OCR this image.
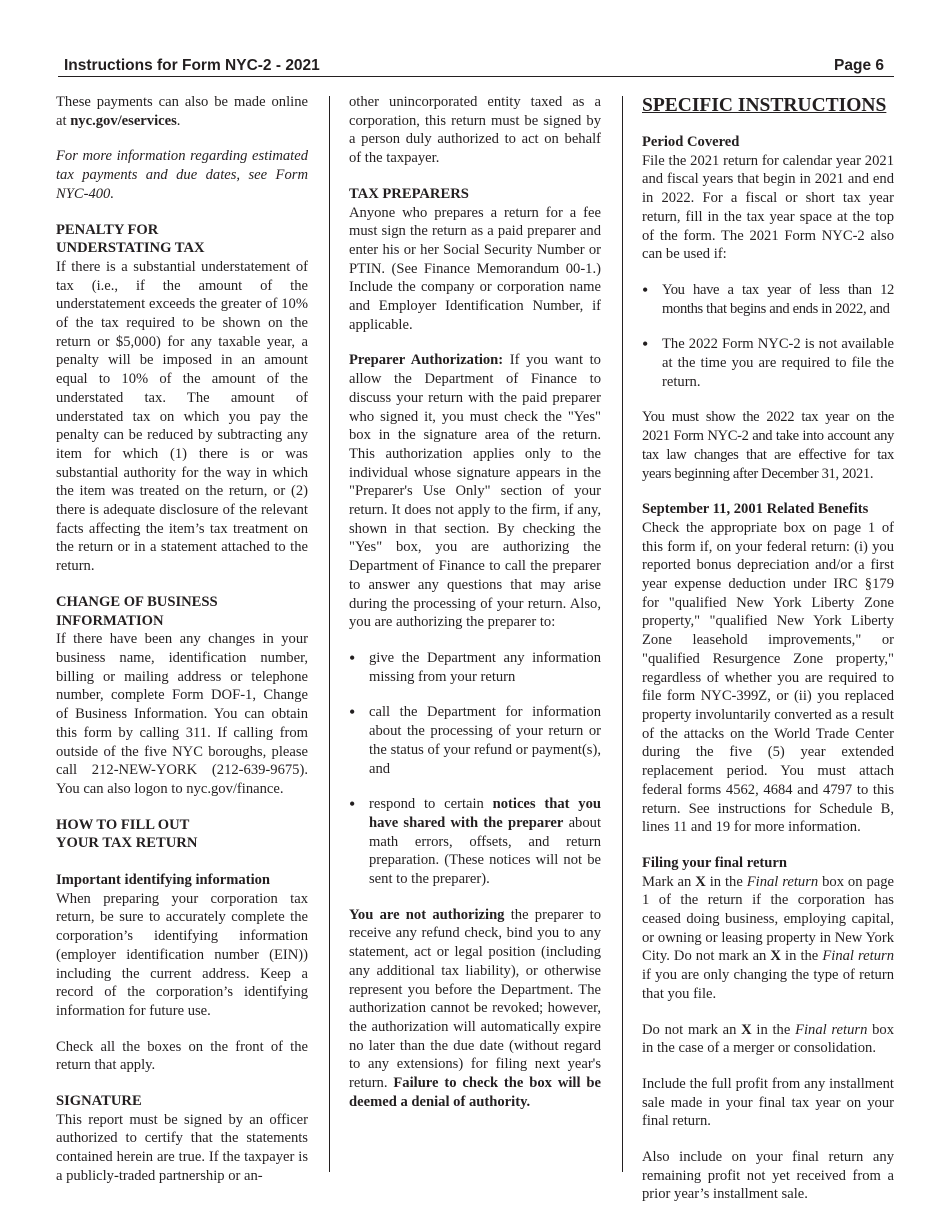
Instructions for Form NYC-2 - 2021	Page 6

These payments can also be made online at nyc.gov/eservices.

For more information regarding estimated tax payments and due dates, see Form NYC-400.

PENALTY FOR
UNDERSTATING TAX

If there is a substantial understatement of tax (i.e., if the amount of the understatement exceeds the greater of 10% of the tax required to be shown on the return or $5,000) for any taxable year, a penalty will be imposed in an amount equal to 10% of the amount of the understated tax. The amount of understated tax on which you pay the penalty can be reduced by subtracting any item for which (1) there is or was substantial authority for the way in which the item was treated on the return, or (2) there is adequate disclosure of the relevant facts affecting the item’s tax treatment on the return or in a statement attached to the return.

CHANGE OF BUSINESS
INFORMATION

If there have been any changes in your business name, identification number, billing or mailing address or telephone number, complete Form DOF-1, Change of Business Information. You can obtain this form by calling 311. If calling from outside of the five NYC boroughs, please call 212-NEW-YORK (212-639-9675). You can also logon to nyc.gov/finance.

HOW TO FILL OUT
YOUR TAX RETURN
Important identifying information

When preparing your corporation tax return, be sure to accurately complete the corporation’s identifying information (employer identification number (EIN)) including the current address. Keep a record of the corporation’s identifying information for future use.

Check all the boxes on the front of the return that apply.

SIGNATURE

This report must be signed by an officer authorized to certify that the statements contained herein are true. If the taxpayer is a publicly-traded partnership or an-

other unincorporated entity taxed as a corporation, this return must be signed by a person duly authorized to act on behalf of the taxpayer.

TAX PREPARERS

Anyone who prepares a return for a fee must sign the return as a paid preparer and enter his or her Social Security Number or PTIN. (See Finance Memorandum 00-1.) Include the company or corporation name and Employer Identification Number, if applicable.

Preparer Authorization: If you want to allow the Department of Finance to discuss your return with the paid preparer who signed it, you must check the "Yes" box in the signature area of the return. This authorization applies only to the individual whose signature appears in the "Preparer's Use Only" section of your return. It does not apply to the firm, if any, shown in that section. By checking the "Yes" box, you are authorizing the Department of Finance to call the preparer to answer any questions that may arise during the processing of your return. Also, you are authorizing the preparer to:

• give the Department any information missing from your return
• call the Department for information about the processing of your return or the status of your refund or payment(s), and
• respond to certain notices that you have shared with the preparer about math errors, offsets, and return preparation. (These notices will not be sent to the preparer).

You are not authorizing the preparer to receive any refund check, bind you to any statement, act or legal position (including any additional tax liability), or otherwise represent you before the Department. The authorization cannot be revoked; however, the authorization will automatically expire no later than the due date (without regard to any extensions) for filing next year's return. Failure to check the box will be deemed a denial of authority.

SPECIFIC INSTRUCTIONS
Period Covered

File the 2021 return for calendar year 2021 and fiscal years that begin in 2021 and end in 2022. For a fiscal or short tax year return, fill in the tax year space at the top of the form. The 2021 Form NYC-2 also can be used if:

• You have a tax year of less than 12 months that begins and ends in 2022, and
• The 2022 Form NYC-2 is not available at the time you are required to file the return.

You must show the 2022 tax year on the 2021 Form NYC-2 and take into account any tax law changes that are effective for tax years beginning after December 31, 2021.

September 11, 2001 Related Benefits

Check the appropriate box on page 1 of this form if, on your federal return: (i) you reported bonus depreciation and/or a first year expense deduction under IRC §179 for "qualified New York Liberty Zone property," "qualified New York Liberty Zone leasehold improvements," or "qualified Resurgence Zone property," regardless of whether you are required to file form NYC-399Z, or (ii) you replaced property involuntarily converted as a result of the attacks on the World Trade Center during the five (5) year extended replacement period. You must attach federal forms 4562, 4684 and 4797 to this return. See instructions for Schedule B, lines 11 and 19 for more information.

Filing your final return

Mark an X in the Final return box on page 1 of the return if the corporation has ceased doing business, employing capital, or owning or leasing property in New York City. Do not mark an X in the Final return if you are only changing the type of return that you file.

Do not mark an X in the Final return box in the case of a merger or consolidation.

Include the full profit from any installment sale made in your final tax year on your final return.

Also include on your final return any remaining profit not yet received from a prior year’s installment sale.
